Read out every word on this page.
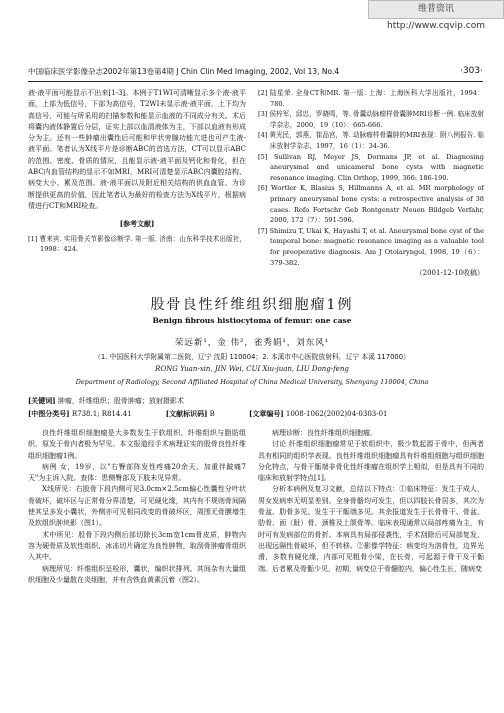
维普资讯 http://www.cqvip.com
中国临床医学影像杂志2002年第13卷第4期 J Chin Clin Med Imaging, 2002, Vol 13, No.4	·303·

液-液平面可能显示不出来[1-3]。本例于T1WI可清晰显示多个液-液平面，上部为低信号，下部为高信号，T2WI未显示液-液平面，上下均为高信号，可能与所采用的扫描参数和能显示血液的不同成分有关。术后将囊内液体静置后分层，证实上部以血清液体为主，下部以血液有形成分为主。还有一些肿瘤出囊性后可能和甲状旁腺功能亢进也可产生液-液平面。笔者认为X线平片是诊断ABC的首选方法，CT可以显示ABC的范围、密度、骨质的情况，且能显示液-液平面及钙化和骨化，但在ABC内血管结构的显示不如MRI，MRI可清楚显示ABC内囊腔结构、病变大小、累及范围、液-液平面以及附近相关结构的供血血管。为诊断提供更高的价值，因此笔者认为最好的检查方法为X线平片，根据病情进行CT和MRI检查。

[参考文献]

[1] 曹来宾. 实用骨关节影像诊断学. 第一版. 济南：山东科学技术出版社，1998：424.

[2] 陆星荣. 全身CT和MR. 第一版. 上海：上海医科大学出版社，1994：780.

[3] 侯梓军，邱忠，罗晓鸣，等. 骨囊动脉瘤样骨囊肿MRI诊断一例. 临床放射学杂志，2000，19（10）：665-666.

[4] 黄光民，郭燕，崔品宫，等. 动脉瘤样骨囊肿的MRI表现：附八例报告. 临床放射学杂志，1997，16（1）：34-36.

[5] Sullivan RJ, Meyer JS, Dormans JP, et al. Diagnosing aneurysmal and unicameral bone cysts with magnetic resonance imaging. Clin Orthop, 1999, 366: 186-190.

[6] Wortler K, Blasius S, Hillmanns A, et al. MR morphology of primary aneurysmal bone cysts: a retrospective analysis of 38 cases. Rofo Fortschr Geb Rontgenstr Neuen Bildgeb Verfahr, 2000, 172（7）：591-596.

[7] Shimizu T, Ukai K, Hayashi T, et al. Aneurysmal bone cyst of the temporal bone: magnetic resonance imaging as a valuable tool for preoperative diagnosis. Am J Otolaryngol, 1998, 19（6）：379-382.

（2001-12-10收稿）
股骨良性纤维组织细胞瘤1例
Benign fibrous histiocytoma of femur: one case
荣远新¹，金 伟²，雀秀娟¹，刘东风¹
（1. 中国医科大学附属第二医院，辽宁 沈阳 110004；2. 本溪市中心医院放射科，辽宁 本溪 117000）
RONG Yuan-xin, JIN Wei, CUI Xiu-juan, LIU Dong-feng
Department of Radiology, Second Affiliated Hospital of China Medical University, Shenyang 110004, China
[关键词] 肿瘤，纤维组织；股骨肿瘤；放射摄影术
[中图分类号] R738.1; R814.41	[文献标识码] B	[文章编号] 1008-1062(2002)04-0303-01

良性纤维组织细胞瘤是大多数发生于软组织，纤维组织与脂肪组织，原发于骨内者极为罕见。本文报道经手术病理证实的股骨良性纤维组织细胞瘤1例。

病例 女，19岁，以"右臀部阵发性疼痛20余天，加重伴跛痛7天"为主诉入院。查体：患侧臀部及下肢未见异常。

X线所见：右股骨下段内侧可见3.0cm×2.5cm偏心性囊性分叶状骨破坏，破坏区与正常骨分界清楚，可见硬化缘，其内有不规则骨间隔使其呈多发小囊状，外侧亦可见相同改变的骨破坏区，周围无骨膜增生及软组织肿块影（图1）。

术中所见：股骨下段内侧后部切除长3cm宽1cm骨皮质，肿物内容为硬骨质及软性组织，冰冻切片确定为良性肿物，取刮骨肿瘤骨组织入其中。

病理所见：纤维组织呈栓形，囊状，编织状排列。其间杂有大量组织细胞及少量散在炎细胞，并有含铁血黄素沉着（图2）。

病理诊断：良性纤维组织细胞瘤。

讨论 纤维组织细胞瘤常见于软组织中，极少数起源于骨中，但两者具有相同的组织学表现。良性纤维组织细胞瘤具有纤维组细胞与组织细胞分化特点，与骨干骺端非骨化性纤维瘤在组织学上相似，但是具有不同的临床和放射学特点[1]。

分析本病例及复习文献，总结以下特点：①临床特征：发生于成人，男女发病率无明显差别。全身骨骼均可发生，但以四肢长骨居多，其次为骨盆、肋骨多见。发生于干骺端多见。其余报道发生于长骨骨干、骨盆、肋骨、面（趾）骨、颈椎及上颌骨等。临床表现通常以局部疼痛为主，有时可有发病部位的骨折。本病具有局部侵袭性，手术刮除后可局部复发，出现远隔性骨破坏，但不转移。②影像学特征：病变均为溶骨性，边界光滑，多数有硬化缘，内部可见粗骨小梁，在长骨，可起源于骨干及干骺端。后者累及骨骺少见，初期，病变位于骨髓腔内，偏心性生长，随病变
